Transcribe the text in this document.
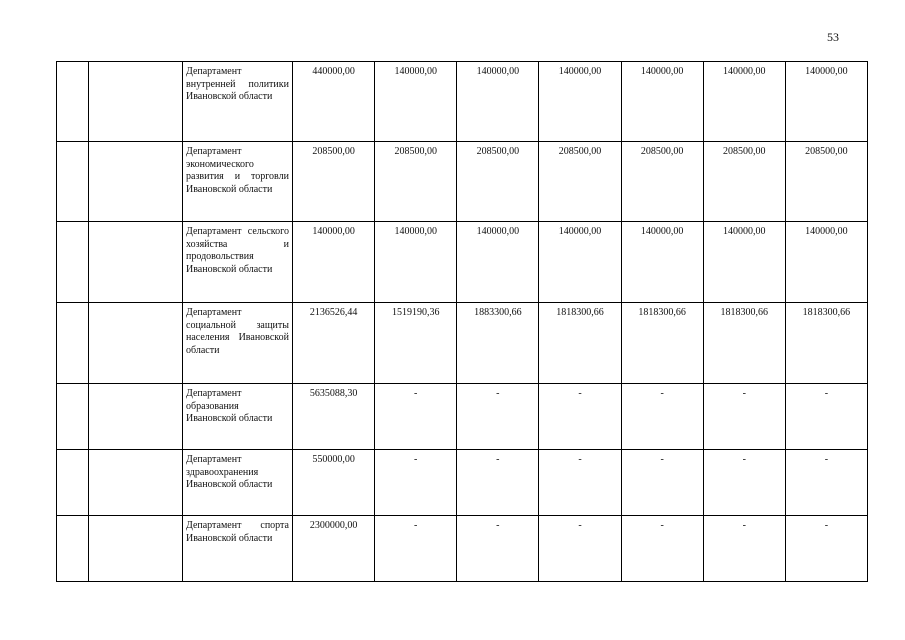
53
		Департамент внутренней политики Ивановской области	440000,00	140000,00	140000,00	140000,00	140000,00	140000,00	140000,00
		Департамент экономического развития и торговли Ивановской области	208500,00	208500,00	208500,00	208500,00	208500,00	208500,00	208500,00
		Департамент сельского хозяйства и продовольствия Ивановской области	140000,00	140000,00	140000,00	140000,00	140000,00	140000,00	140000,00
		Департамент социальной защиты населения Ивановской области	2136526,44	1519190,36	1883300,66	1818300,66	1818300,66	1818300,66	1818300,66
		Департамент образования Ивановской области	5635088,30	-	-	-	-	-	-
		Департамент здравоохранения Ивановской области	550000,00	-	-	-	-	-	-
		Департамент спорта Ивановской области	2300000,00	-	-	-	-	-	-
